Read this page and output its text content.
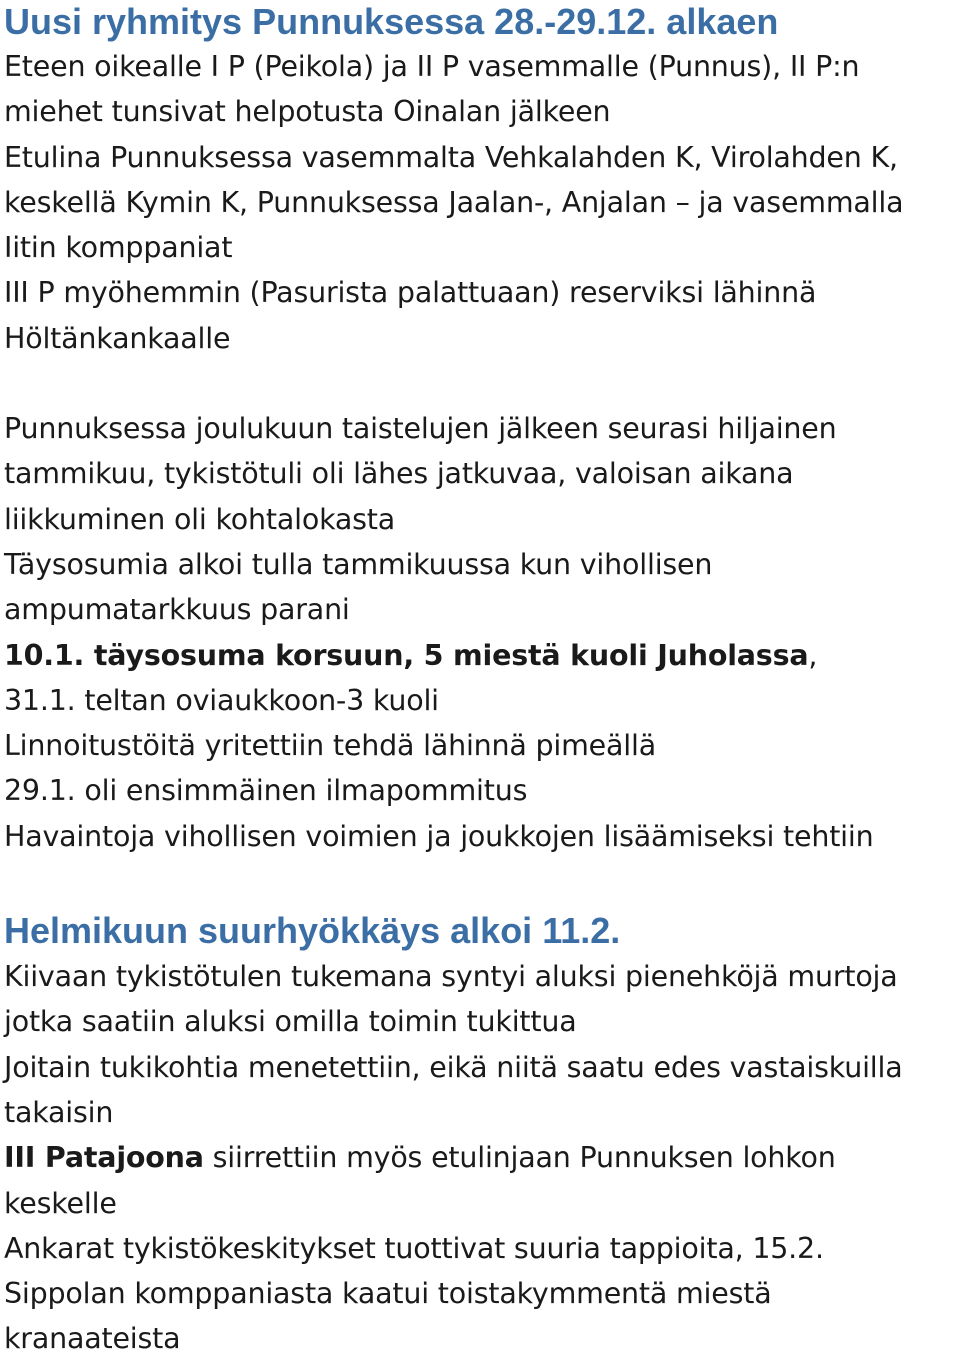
Uusi ryhmitys Punnuksessa 28.-29.12. alkaen

Eteen oikealle I P (Peikola) ja II P vasemmalle (Punnus), II P:n

miehet tunsivat helpotusta Oinalan jälkeen

Etulina Punnuksessa vasemmalta Vehkalahden K, Virolahden K,

keskellä Kymin K, Punnuksessa Jaalan-, Anjalan – ja vasemmalla

Iitin komppaniat

III P myöhemmin (Pasurista palattuaan) reserviksi lähinnä

Höltänkankaalle

Punnuksessa joulukuun taistelujen jälkeen seurasi hiljainen

tammikuu, tykistötuli oli lähes jatkuvaa, valoisan aikana

liikkuminen oli kohtalokasta

Täysosumia alkoi tulla tammikuussa kun vihollisen

ampumatarkkuus parani

10.1. täysosuma korsuun, 5 miestä kuoli Juholassa,

31.1. teltan oviaukkoon-3 kuoli

Linnoitustöitä yritettiin tehdä lähinnä pimeällä

29.1. oli ensimmäinen ilmapommitus

Havaintoja vihollisen voimien ja joukkojen lisäämiseksi tehtiin

Helmikuun suurhyökkäys alkoi 11.2.

Kiivaan tykistötulen tukemana syntyi aluksi pienehköjä murtoja

jotka saatiin aluksi omilla toimin tukittua

Joitain tukikohtia menetettiin, eikä niitä saatu edes vastaiskuilla

takaisin

III Patajoona siirrettiin myös etulinjaan Punnuksen lohkon

keskelle

Ankarat tykistökeskitykset tuottivat suuria tappioita, 15.2.

Sippolan komppaniasta kaatui toistakymmentä miestä

kranaateista
